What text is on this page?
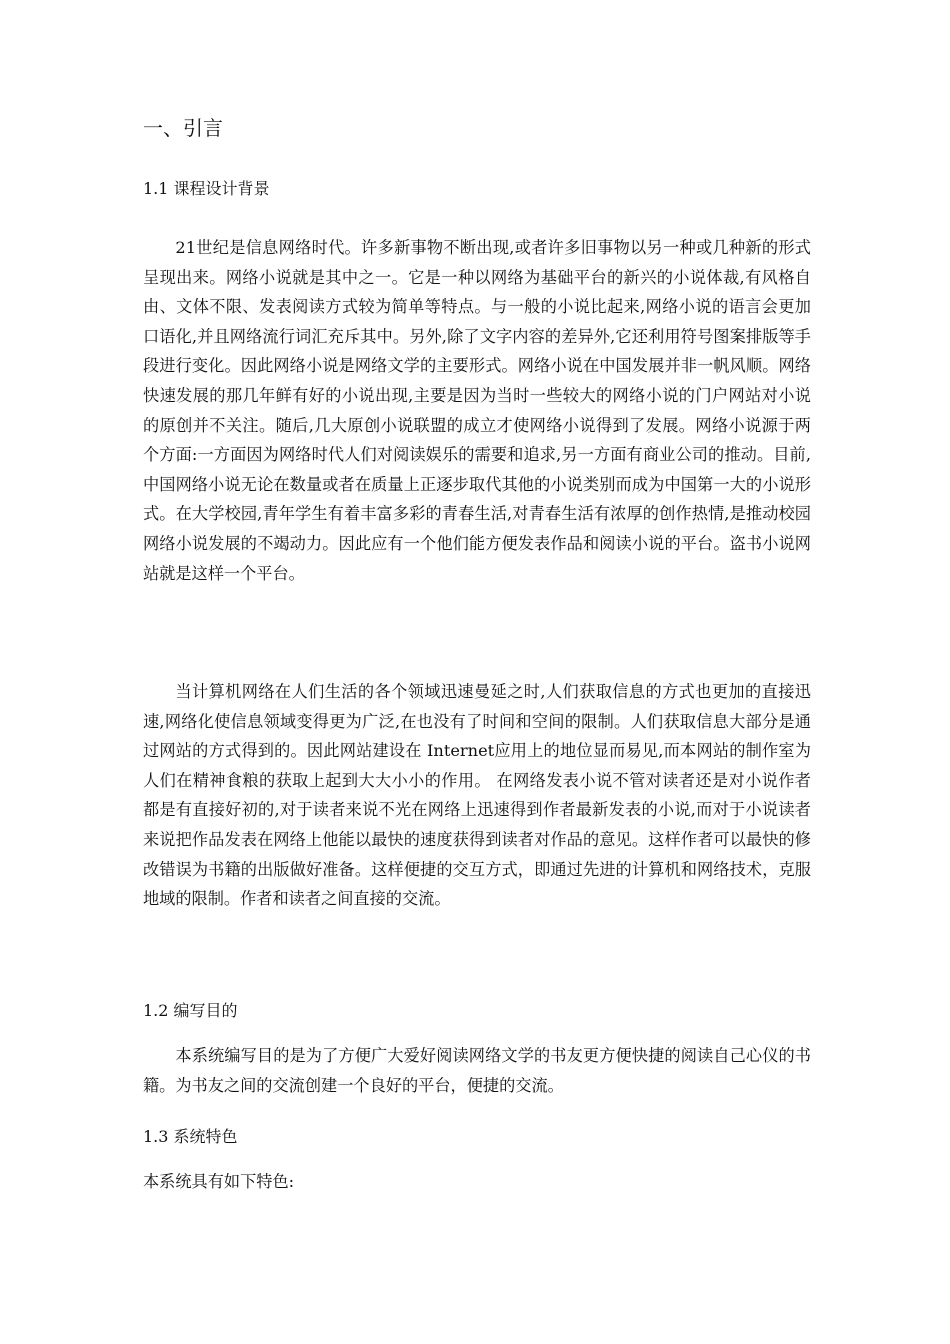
一、引言
1.1 课程设计背景

21世纪是信息网络时代。许多新事物不断出现,或者许多旧事物以另一种或几种新的形式呈现出来。网络小说就是其中之一。它是一种以网络为基础平台的新兴的小说体裁,有风格自由、文体不限、发表阅读方式较为简单等特点。与一般的小说比起来,网络小说的语言会更加口语化,并且网络流行词汇充斥其中。另外,除了文字内容的差异外,它还利用符号图案排版等手段进行变化。因此网络小说是网络文学的主要形式。网络小说在中国发展并非一帆风顺。网络快速发展的那几年鲜有好的小说出现,主要是因为当时一些较大的网络小说的门户网站对小说的原创并不关注。随后,几大原创小说联盟的成立才使网络小说得到了发展。网络小说源于两个方面:一方面因为网络时代人们对阅读娱乐的需要和追求,另一方面有商业公司的推动。目前,中国网络小说无论在数量或者在质量上正逐步取代其他的小说类别而成为中国第一大的小说形式。在大学校园,青年学生有着丰富多彩的青春生活,对青春生活有浓厚的创作热情,是推动校园网络小说发展的不竭动力。因此应有一个他们能方便发表作品和阅读小说的平台。盗书小说网站就是这样一个平台。

当计算机网络在人们生活的各个领域迅速曼延之时,人们获取信息的方式也更加的直接迅速,网络化使信息领域变得更为广泛,在也没有了时间和空间的限制。人们获取信息大部分是通过网站的方式得到的。因此网站建设在 Internet应用上的地位显而易见,而本网站的制作室为人们在精神食粮的获取上起到大大小小的作用。 在网络发表小说不管对读者还是对小说作者都是有直接好初的,对于读者来说不光在网络上迅速得到作者最新发表的小说,而对于小说读者来说把作品发表在网络上他能以最快的速度获得到读者对作品的意见。这样作者可以最快的修改错误为书籍的出版做好准备。这样便捷的交互方式，即通过先进的计算机和网络技术，克服地域的限制。作者和读者之间直接的交流。

1.2 编写目的

本系统编写目的是为了方便广大爱好阅读网络文学的书友更方便快捷的阅读自己心仪的书籍。为书友之间的交流创建一个良好的平台，便捷的交流。

1.3 系统特色

本系统具有如下特色:
